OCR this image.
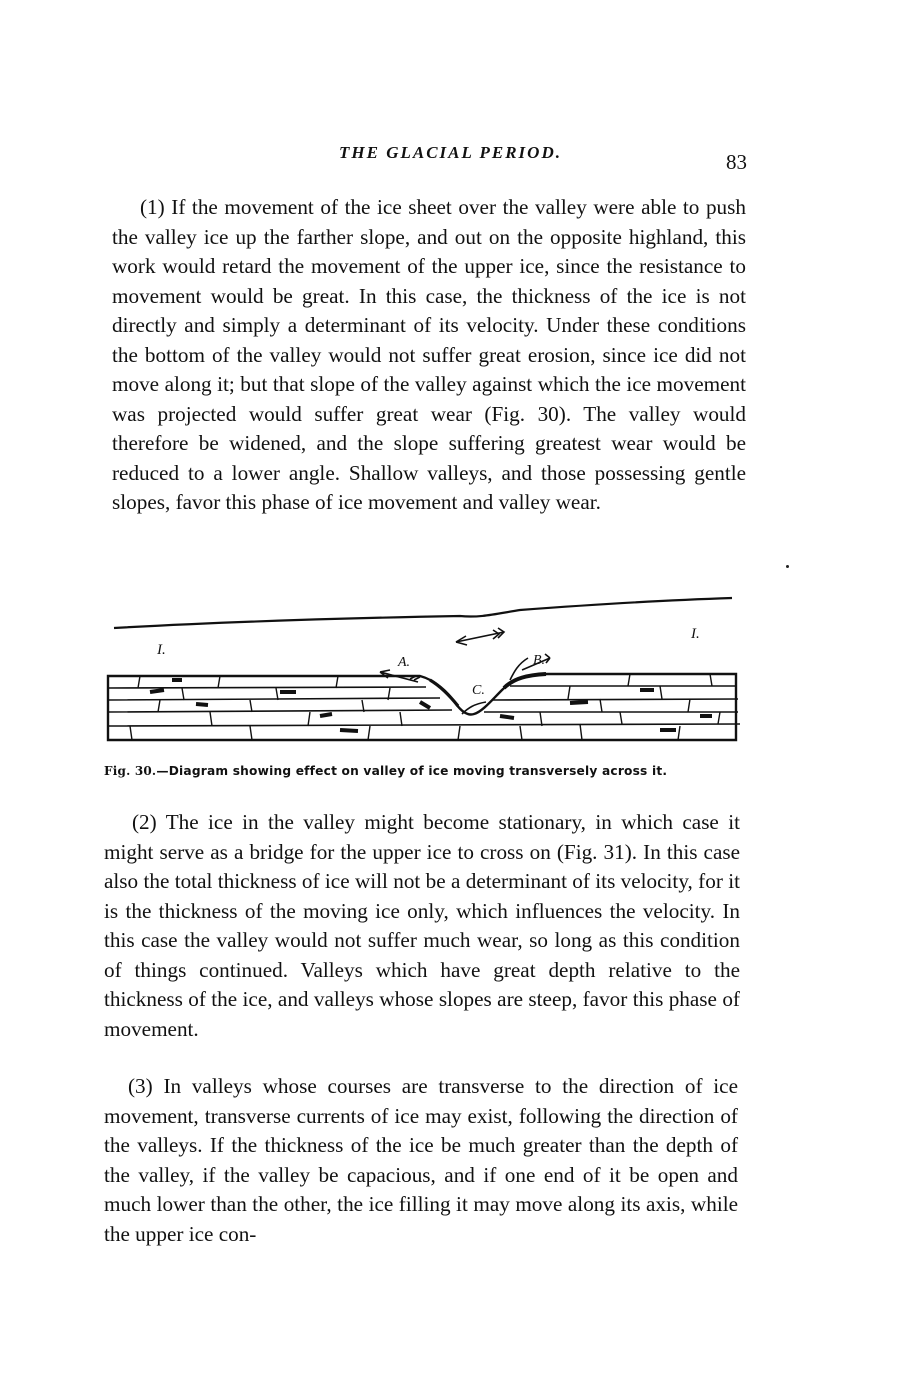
THE GLACIAL PERIOD.	83

(1) If the movement of the ice sheet over the valley were able to push the valley ice up the farther slope, and out on the opposite highland, this work would retard the movement of the upper ice, since the resistance to movement would be great. In this case, the thickness of the ice is not directly and simply a determinant of its velocity. Under these conditions the bottom of the valley would not suffer great erosion, since ice did not move along it; but that slope of the valley against which the ice movement was projected would suffer great wear (Fig. 30). The valley would therefore be widened, and the slope suffering greatest wear would be reduced to a lower angle. Shallow valleys, and those possessing gentle slopes, favor this phase of ice movement and valley wear.

I.
I.
A.	B.
C.
Fig. 30.—Diagram showing effect on valley of ice moving transversely across it.

(2) The ice in the valley might become stationary, in which case it might serve as a bridge for the upper ice to cross on (Fig. 31). In this case also the total thickness of ice will not be a determinant of its velocity, for it is the thickness of the moving ice only, which influences the velocity. In this case the valley would not suffer much wear, so long as this condition of things continued. Valleys which have great depth relative to the thickness of the ice, and valleys whose slopes are steep, favor this phase of movement.

(3) In valleys whose courses are transverse to the direction of ice movement, transverse currents of ice may exist, following the direction of the valleys. If the thickness of the ice be much greater than the depth of the valley, if the valley be capacious, and if one end of it be open and much lower than the other, the ice filling it may move along its axis, while the upper ice con-
